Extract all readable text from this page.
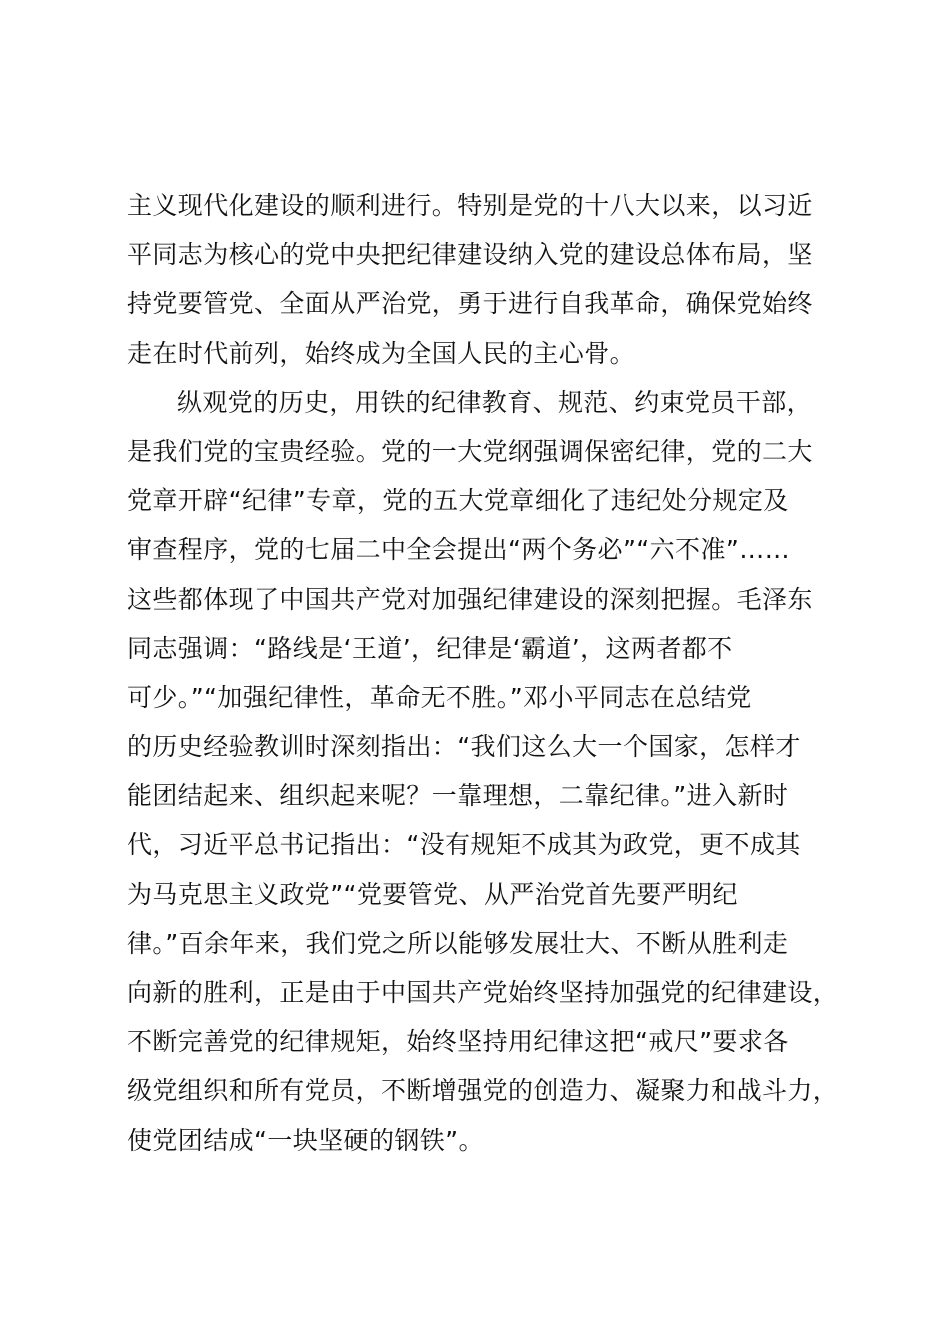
主义现代化建设的顺利进行。特别是党的十八大以来，以习近
平同志为核心的党中央把纪律建设纳入党的建设总体布局，坚
持党要管党、全面从严治党，勇于进行自我革命，确保党始终
走在时代前列，始终成为全国人民的主心骨。
纵观党的历史，用铁的纪律教育、规范、约束党员干部，
是我们党的宝贵经验。党的一大党纲强调保密纪律，党的二大
党章开辟“纪律”专章，党的五大党章细化了违纪处分规定及
审查程序，党的七届二中全会提出“两个务必”“六不准”……
这些都体现了中国共产党对加强纪律建设的深刻把握。毛泽东
同志强调：“路线是‘王道’，纪律是‘霸道’，这两者都不
可少。”“加强纪律性，革命无不胜。”邓小平同志在总结党
的历史经验教训时深刻指出：“我们这么大一个国家，怎样才
能团结起来、组织起来呢？一靠理想，二靠纪律。”进入新时
代，习近平总书记指出：“没有规矩不成其为政党，更不成其
为马克思主义政党”“党要管党、从严治党首先要严明纪
律。”百余年来，我们党之所以能够发展壮大、不断从胜利走
向新的胜利，正是由于中国共产党始终坚持加强党的纪律建设，
不断完善党的纪律规矩，始终坚持用纪律这把“戒尺”要求各
级党组织和所有党员，不断增强党的创造力、凝聚力和战斗力，
使党团结成“一块坚硬的钢铁”。
